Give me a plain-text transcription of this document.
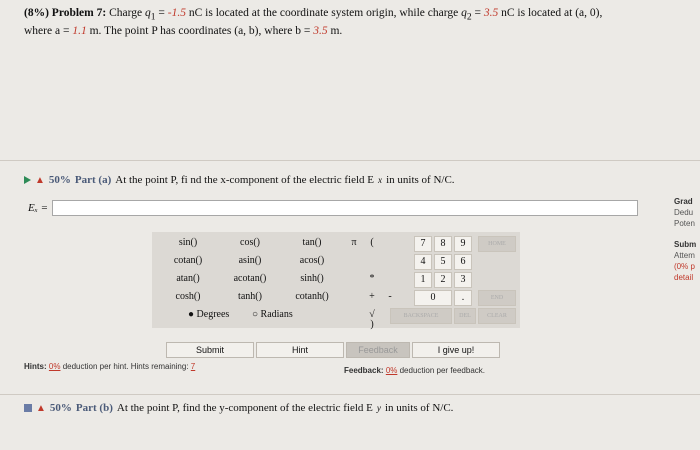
(8%) Problem 7: Charge $q_1 = -1.5$ nC is located at the coordinate system origin, while charge $q_2 = 3.5$ nC is located at (a, 0),
where a = 1.1 m. The point P has coordinates (a, b), where b = 3.5 m.
▲ 50% Part (a) At the point P, fi nd the x-component of the electric field E x in units of N/C.
Eₓ =
Grad
Dedu
Poten
Subm
Attem
(0% p
detail
sin()	cos()	tan()
cotan()	asin()	acos()
atan()	acotan()	sinh()
cosh()	tanh()	cotanh()
● Degrees ○ Radians
π	(
)
*
+	-
√
7	8	9
4	5	6
1	2	3
0	.
HOME
END
BACKSPACE	DEL	CLEAR
Submit	Hint	Feedback	I give up!
Hints: 0% deduction per hint. Hints remaining: 7	Feedback: 0% deduction per feedback.
▲ 50% Part (b) At the point P, find the y-component of the electric field E y in units of N/C.
